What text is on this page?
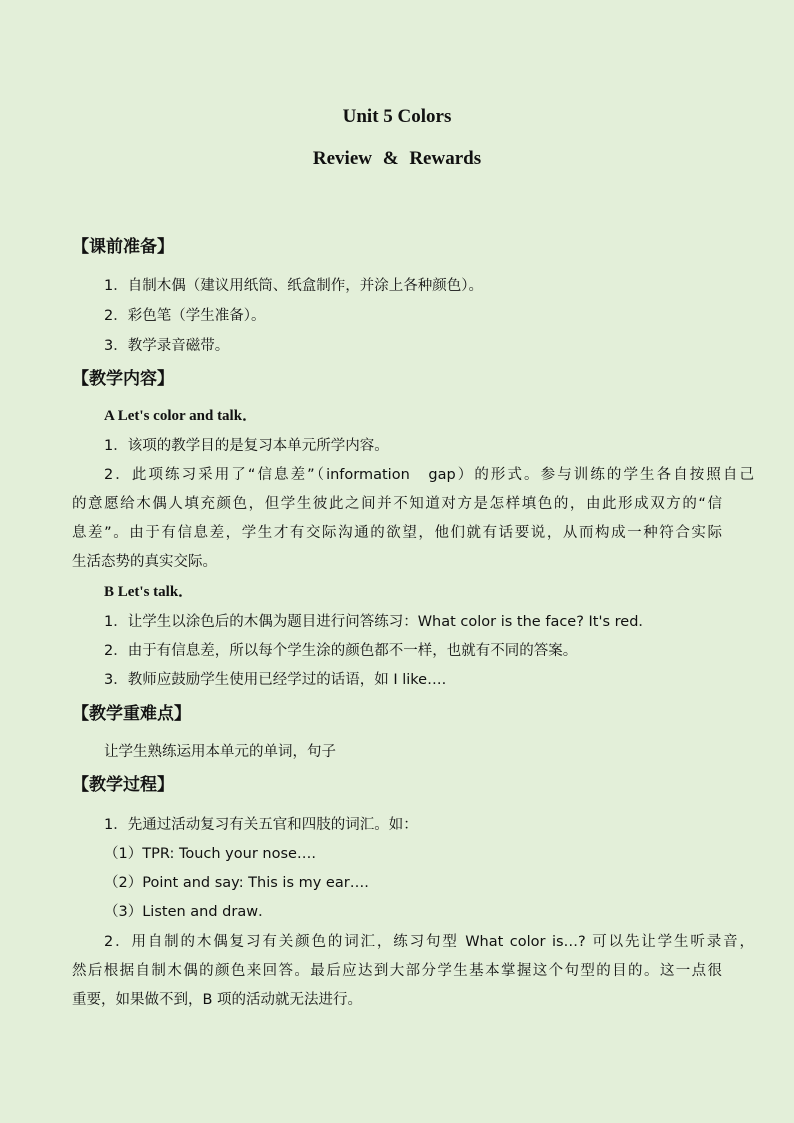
Unit 5 Colors
Review & Rewards
【课前准备】

1．自制木偶（建议用纸筒、纸盒制作，并涂上各种颜色）。

2．彩色笔（学生准备）。

3．教学录音磁带。

【教学内容】

A Let's color and talk．

1．该项的教学目的是复习本单元所学内容。

2．此项练习采用了“信息差”（information　gap）的形式。参与训练的学生各自按照自己

的意愿给木偶人填充颜色，但学生彼此之间并不知道对方是怎样填色的，由此形成双方的“信

息差”。由于有信息差，学生才有交际沟通的欲望，他们就有话要说，从而构成一种符合实际

生活态势的真实交际。

B Let's talk．

1．让学生以涂色后的木偶为题目进行问答练习：What color is the face? It's red．

2．由于有信息差，所以每个学生涂的颜色都不一样，也就有不同的答案。

3．教师应鼓励学生使用已经学过的话语，如 I like….

【教学重难点】

让学生熟练运用本单元的单词，句子

【教学过程】

1．先通过活动复习有关五官和四肢的词汇。如：

（1）TPR: Touch your nose….

（2）Point and say: This is my ear….

（3）Listen and draw．

2．用自制的木偶复习有关颜色的词汇，练习句型 What color is…? 可以先让学生听录音，

然后根据自制木偶的颜色来回答。最后应达到大部分学生基本掌握这个句型的目的。这一点很

重要，如果做不到，B 项的活动就无法进行。
